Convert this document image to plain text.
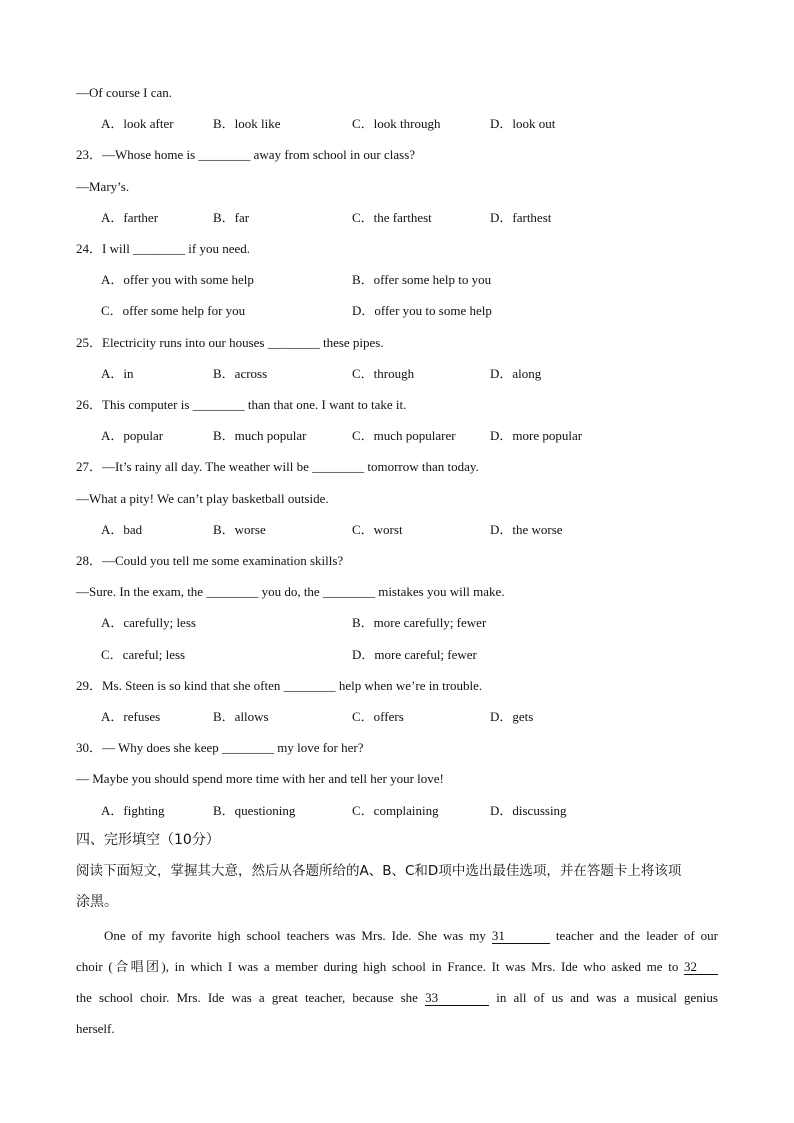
—Of course I can.
A．look after	B．look like	C．look through	D．look out
23．—Whose home is ________ away from school in our class?
—Mary’s.
A．farther	B．far	C．the farthest	D．farthest
24．I will ________ if you need.
A．offer you with some help	B．offer some help to you
C．offer some help for you	D．offer you to some help
25．Electricity runs into our houses ________ these pipes.
A．in	B．across	C．through	D．along
26．This computer is ________ than that one. I want to take it.
A．popular	B．much popular	C．much popularer	D．more popular
27．—It’s rainy all day. The weather will be ________ tomorrow than today.
—What a pity! We can’t play basketball outside.
A．bad	B．worse	C．worst	D．the worse
28．—Could you tell me some examination skills?
—Sure. In the exam, the ________ you do, the ________ mistakes you will make.
A．carefully; less	B．more carefully; fewer
C．careful; less	D．more careful; fewer
29．Ms. Steen is so kind that she often ________ help when we’re in trouble.
A．refuses	B．allows	C．offers	D．gets
30．— Why does she keep ________ my love for her?
— Maybe you should spend more time with her and tell her your love!
A．fighting	B．questioning	C．complaining	D．discussing
四、完形填空（10分）
阅读下面短文，掌握其大意，然后从各题所给的A、B、C和D项中选出最佳选项，并在答题卡上将该项
涂黑。
One of my favorite high school teachers was Mrs. Ide. She was my 31	teacher and the leader of our
choir (合唱团), in which I was a member during high school in France. It was Mrs. Ide who asked me to 32
the school choir. Mrs. Ide was a great teacher, because she 33	in all of us and was a musical genius
herself.
